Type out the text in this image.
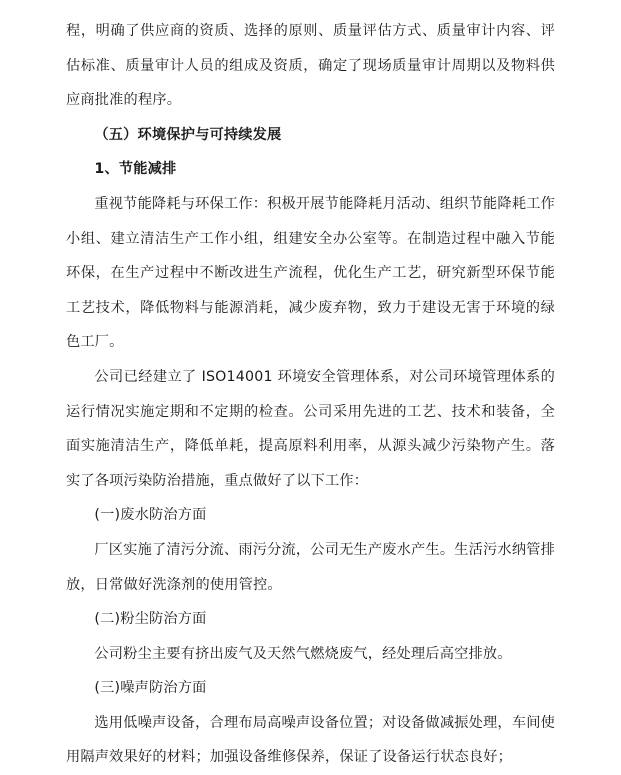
程，明确了供应商的资质、选择的原则、质量评估方式、质量审计内容、评估标准、质量审计人员的组成及资质，确定了现场质量审计周期以及物料供应商批准的程序。

（五）环境保护与可持续发展

1、节能减排

重视节能降耗与环保工作：积极开展节能降耗月活动、组织节能降耗工作小组、建立清洁生产工作小组，组建安全办公室等。在制造过程中融入节能环保，在生产过程中不断改进生产流程，优化生产工艺，研究新型环保节能工艺技术，降低物料与能源消耗，减少废弃物，致力于建设无害于环境的绿色工厂。

公司已经建立了 ISO14001 环境安全管理体系，对公司环境管理体系的运行情况实施定期和不定期的检查。公司采用先进的工艺、技术和装备，全面实施清洁生产，降低单耗，提高原料利用率，从源头减少污染物产生。落实了各项污染防治措施，重点做好了以下工作：

(一)废水防治方面

厂区实施了清污分流、雨污分流，公司无生产废水产生。生活污水纳管排放，日常做好洗涤剂的使用管控。

(二)粉尘防治方面

公司粉尘主要有挤出废气及天然气燃烧废气，经处理后高空排放。

(三)噪声防治方面

选用低噪声设备，合理布局高噪声设备位置；对设备做减振处理，车间使用隔声效果好的材料；加强设备维修保养，保证了设备运行状态良好；
